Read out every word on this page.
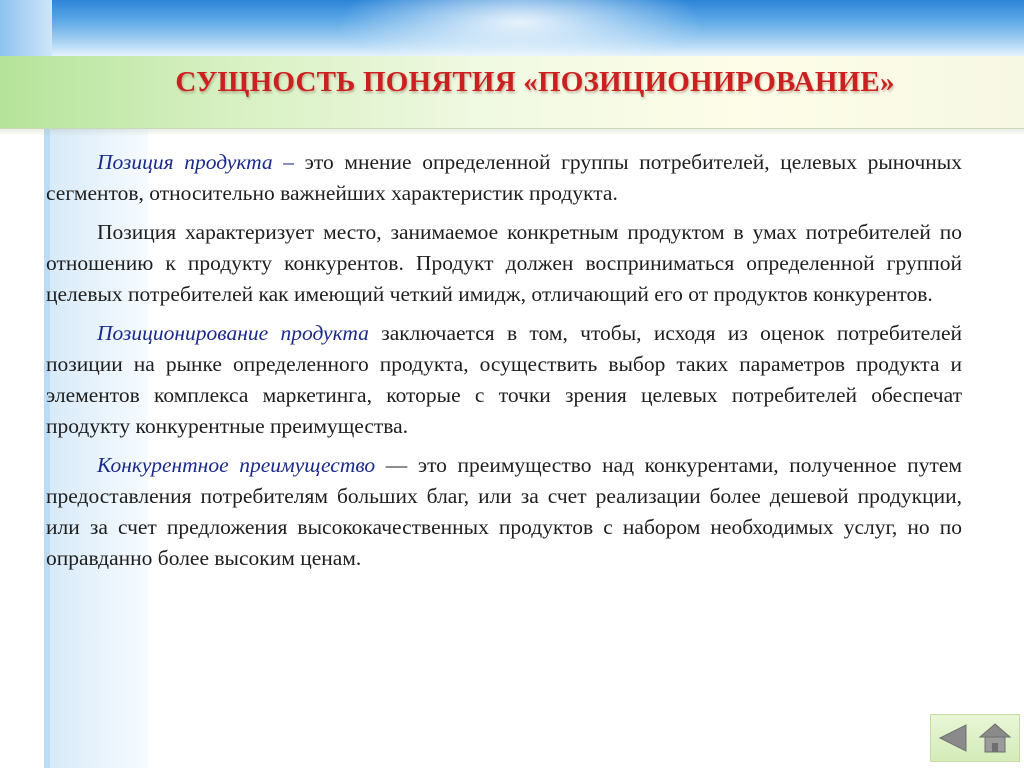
СУЩНОСТЬ ПОНЯТИЯ «ПОЗИЦИОНИРОВАНИЕ»

Позиция продукта – это мнение определенной группы потребителей, целевых рыночных сегментов, относительно важнейших характеристик продукта.

Позиция характеризует место, занимаемое конкретным продуктом в умах потребителей по отношению к продукту конкурентов. Продукт должен восприниматься определенной группой целевых потребителей как имеющий четкий имидж, отличающий его от продуктов конкурентов.

Позиционирование продукта заключается в том, чтобы, исходя из оценок потребителей позиции на рынке определенного продукта, осуществить выбор таких параметров продукта и элементов комплекса маркетинга, которые с точки зрения целевых потребителей обеспечат продукту конкурентные преимущества.

Конкурентное преимущество — это преимущество над конкурентами, полученное путем предоставления потребителям больших благ, или за счет реализации более дешевой продукции, или за счет предложения высококачественных продуктов с набором необходимых услуг, но по оправданно более высоким ценам.
